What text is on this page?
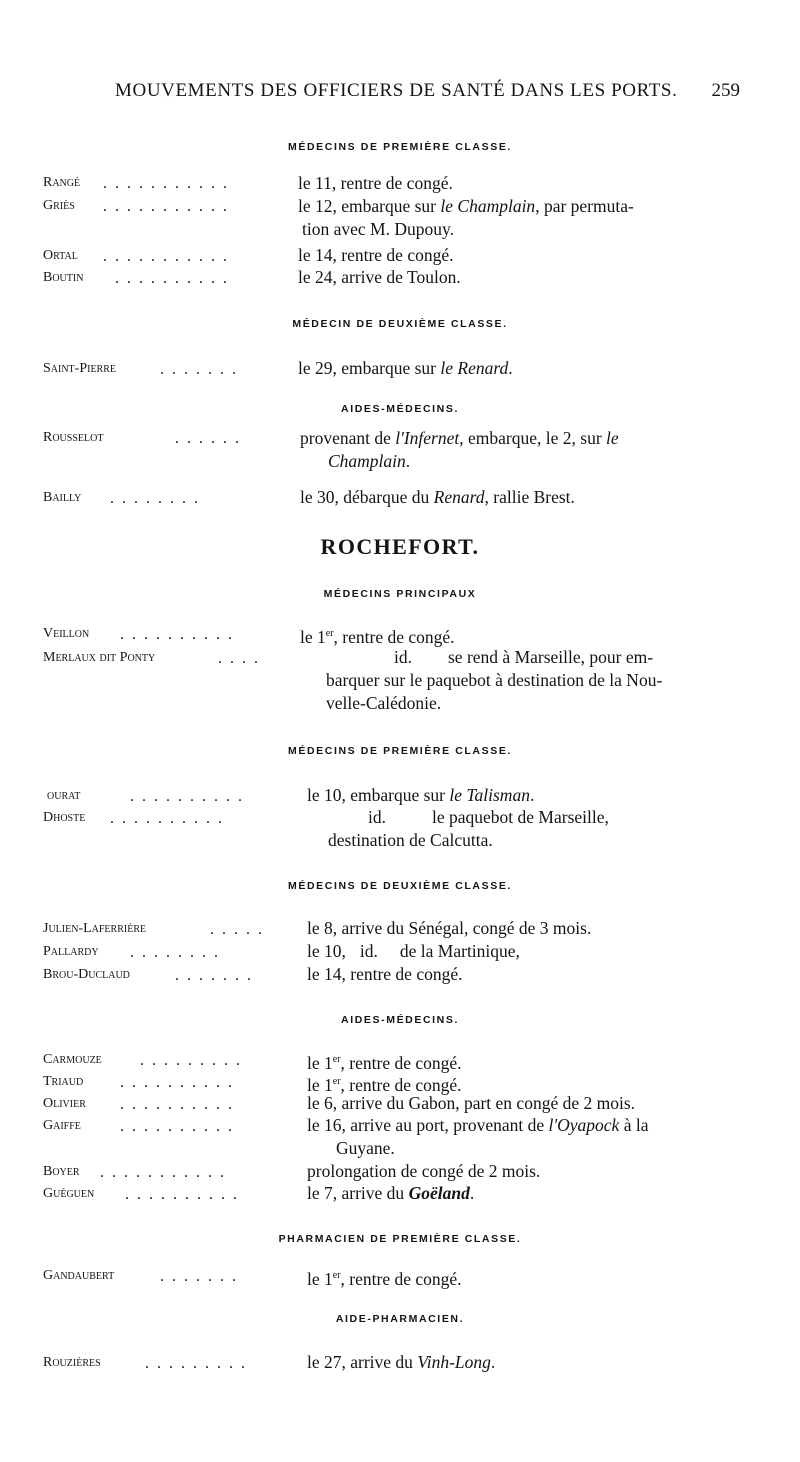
MOUVEMENTS DES OFFICIERS DE SANTÉ DANS LES PORTS. 259
MÉDECINS DE PREMIÈRE CLASSE.
Rangé . . . . . . . . . . .	le 11, rentre de congé.
Griès . . . . . . . . . . .	le 12, embarque sur le Champlain, par permuta-
tion avec M. Dupouy.
Ortal . . . . . . . . . . .	le 14, rentre de congé.
Boutin . . . . . . . . . .	le 24, arrive de Toulon.
MÉDECIN DE DEUXIÈME CLASSE.
Saint-Pierre	. . . . . . .	le 29, embarque sur le Renard.
AIDES-MÉDECINS.
Rousselot	. . . . . .	provenant de l'Infernet, embarque, le 2, sur le
Champlain.
Bailly . . . . . . . .	le 30, débarque du Renard, rallie Brest.
ROCHEFORT.
MÉDECINS PRINCIPAUX
Veillon . . . . . . . . . .	le 1er, rentre de congé.
Merlaux dit Ponty	. . . .	id. se rend à Marseille, pour em-
barquer sur le paquebot à destination de la Nou-
velle-Calédonie.
MÉDECINS DE PREMIÈRE CLASSE.
ourat	. . . . . . . . . .	le 10, embarque sur le Talisman.
Dhoste . . . . . . . . . .	id.	le paquebot de Marseille,
destination de Calcutta.
MÉDECINS DE DEUXIÈME CLASSE.
Julien-Laferrière	. . . . . le 8, arrive du Sénégal, congé de 3 mois.
Pallardy . . . . . . . .	le 10, id. de la Martinique,
Brou-Duclaud	. . . . . . .	le 14, rentre de congé.
AIDES-MÉDECINS.
Carmouze . . . . . . . . .	le 1er, rentre de congé.
Triaud . . . . . . . . . .	le 1er, rentre de congé.
Olivier . . . . . . . . . .	le 6, arrive du Gabon, part en congé de 2 mois.
Gaiffe . . . . . . . . . .	le 16, arrive au port, provenant de l'Oyapock à la
Guyane.
Boyer . . . . . . . . . . .	prolongation de congé de 2 mois.
Guéguen . . . . . . . . . .	le 7, arrive du Goëland.
PHARMACIEN DE PREMIÈRE CLASSE.
Gandaubert	. . . . . . .	le 1er, rentre de congé.
AIDE-PHARMACIEN.
Rouzières	. . . . . . . . .	le 27, arrive du Vinh-Long.
